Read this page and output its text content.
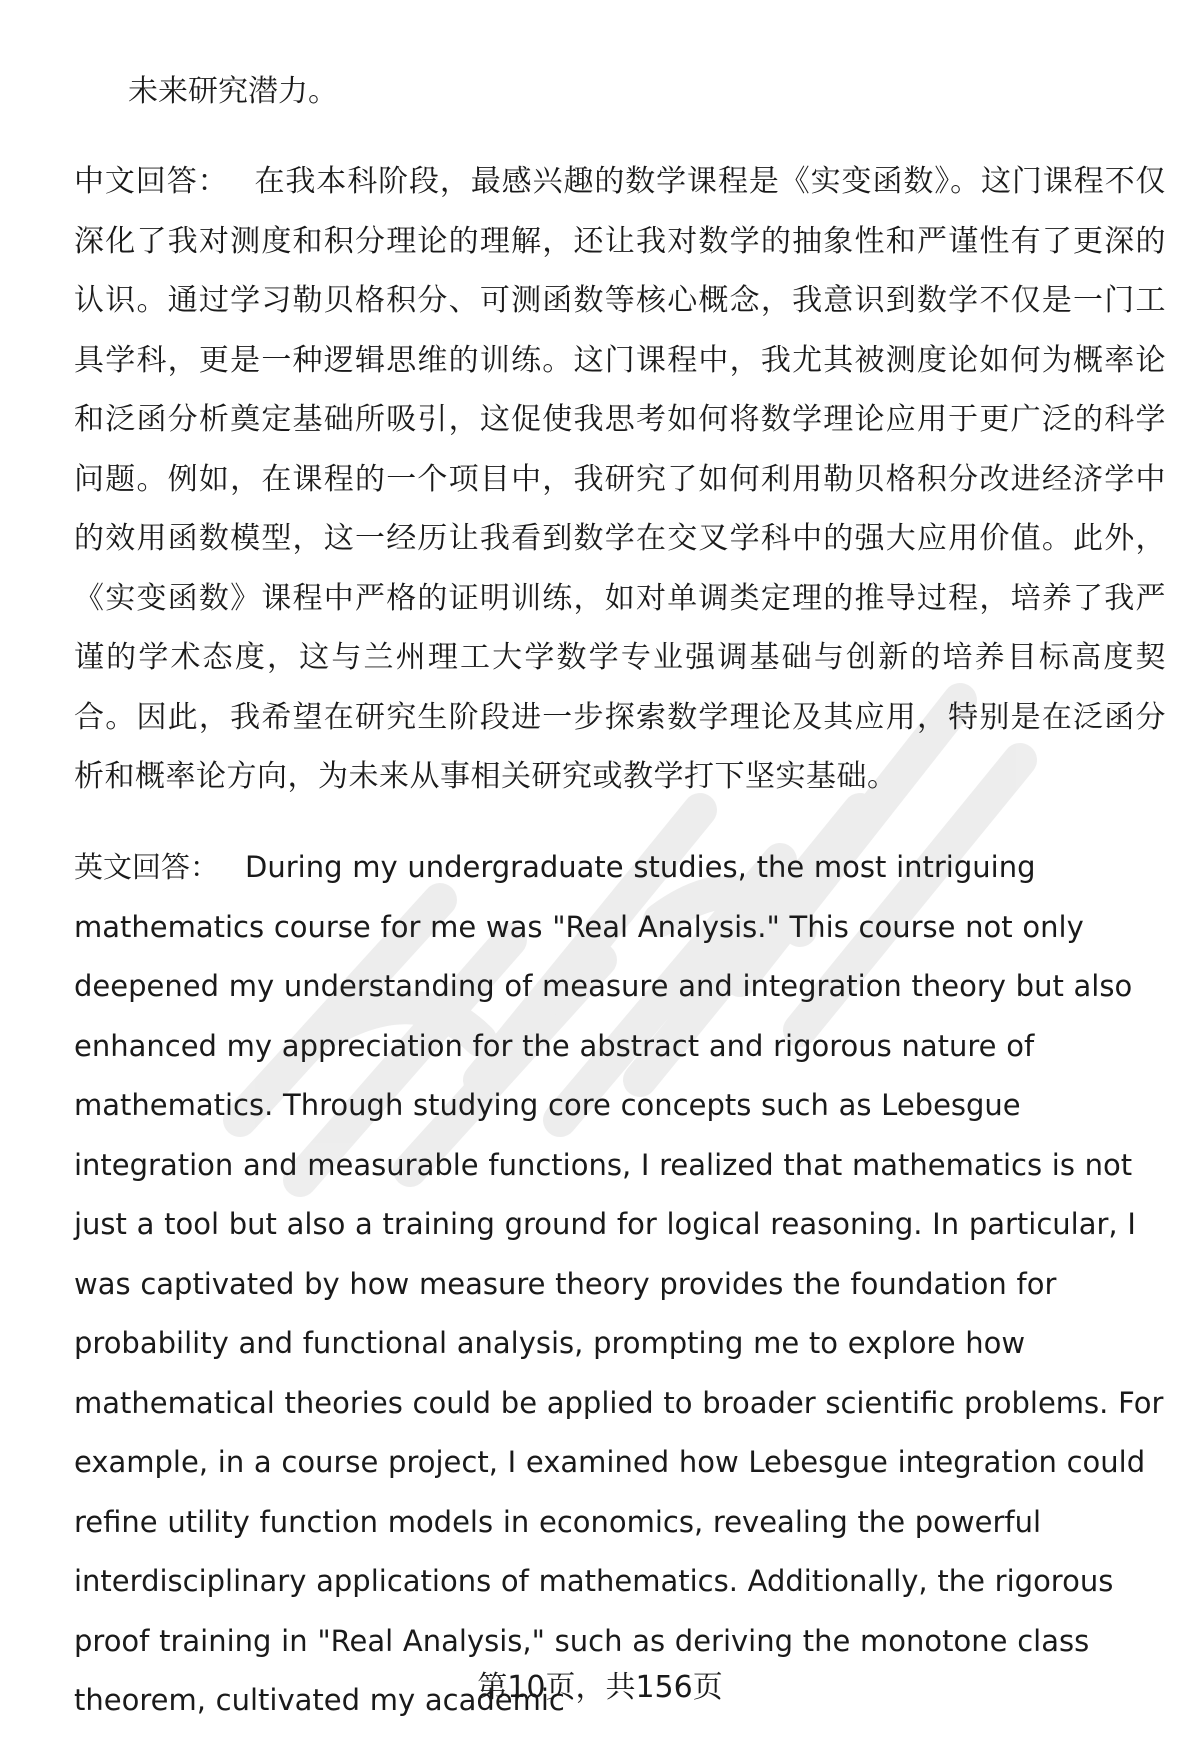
未来研究潜力。

中文回答： 在我本科阶段，最感兴趣的数学课程是《实变函数》。这门课程不仅深化了我对测度和积分理论的理解，还让我对数学的抽象性和严谨性有了更深的认识。通过学习勒贝格积分、可测函数等核心概念，我意识到数学不仅是一门工具学科，更是一种逻辑思维的训练。这门课程中，我尤其被测度论如何为概率论和泛函分析奠定基础所吸引，这促使我思考如何将数学理论应用于更广泛的科学问题。例如，在课程的一个项目中，我研究了如何利用勒贝格积分改进经济学中的效用函数模型，这一经历让我看到数学在交叉学科中的强大应用价值。此外，《实变函数》课程中严格的证明训练，如对单调类定理的推导过程，培养了我严谨的学术态度，这与兰州理工大学数学专业强调基础与创新的培养目标高度契合。因此，我希望在研究生阶段进一步探索数学理论及其应用，特别是在泛函分析和概率论方向，为未来从事相关研究或教学打下坚实基础。

英文回答： During my undergraduate studies, the most intriguing mathematics course for me was "Real Analysis." This course not only deepened my understanding of measure and integration theory but also enhanced my appreciation for the abstract and rigorous nature of mathematics. Through studying core concepts such as Lebesgue integration and measurable functions, I realized that mathematics is not just a tool but also a training ground for logical reasoning. In particular, I was captivated by how measure theory provides the foundation for probability and functional analysis, prompting me to explore how mathematical theories could be applied to broader scientific problems. For example, in a course project, I examined how Lebesgue integration could refine utility function models in economics, revealing the powerful interdisciplinary applications of mathematics. Additionally, the rigorous proof training in "Real Analysis," such as deriving the monotone class theorem, cultivated my academic

第10页，共156页
